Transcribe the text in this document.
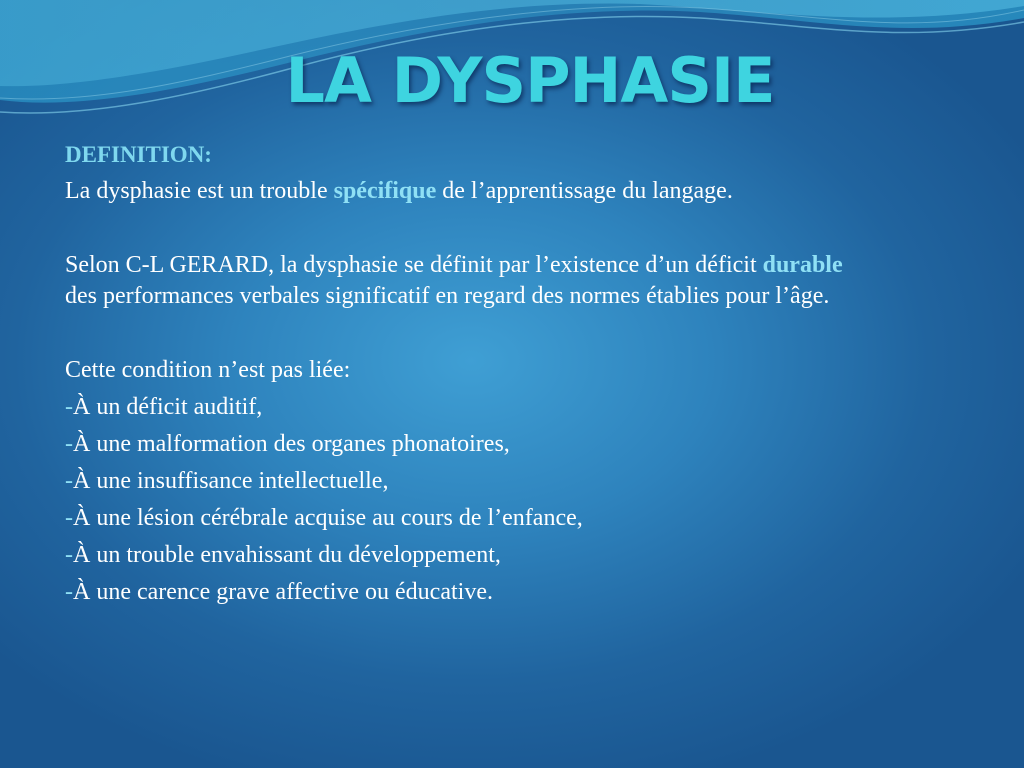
LA DYSPHASIE
DEFINITION:

La dysphasie est un trouble spécifique de l’apprentissage du langage.

Selon C-L GERARD, la dysphasie se définit par l’existence d’un déficit durable des performances verbales significatif en regard des normes établies pour l’âge.

Cette condition n’est pas liée:

-À un déficit auditif,
-À une malformation des organes phonatoires,
-À une insuffisance intellectuelle,
-À une lésion cérébrale acquise au cours de l’enfance,
-À un trouble envahissant du développement,
-À une carence grave affective ou éducative.
